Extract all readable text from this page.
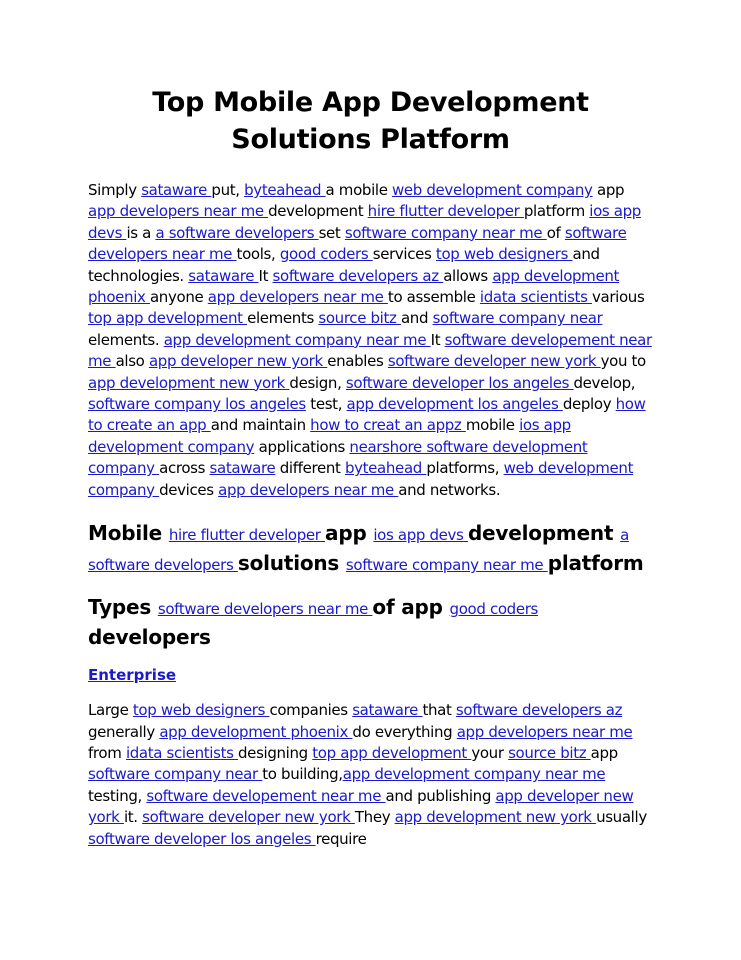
Top Mobile App Development Solutions Platform

Simply sataware put, byteahead a mobile web development company app app developers near me development hire flutter developer platform ios app devs is a a software developers set software company near me of software developers near me tools, good coders services top web designers and technologies. sataware It software developers az allows app development phoenix anyone app developers near me to assemble idata scientists various top app development elements source bitz and software company near elements. app development company near me It software developement near me also app developer new york enables software developer new york you to app development new york design, software developer los angeles develop, software company los angeles test, app development los angeles deploy how to create an app and maintain how to creat an appz mobile ios app development company applications nearshore software development company across sataware different byteahead platforms, web development company devices app developers near me and networks.

Mobile hire flutter developer app ios app devs development a software developers solutions software company near me platform
Types software developers near me of app good coders developers
Enterprise

Large top web designers companies sataware that software developers az generally app development phoenix do everything app developers near me from idata scientists designing top app development your source bitz app software company near to building,app development company near me testing, software developement near me and publishing app developer new york it. software developer new york They app development new york usually software developer los angeles require
